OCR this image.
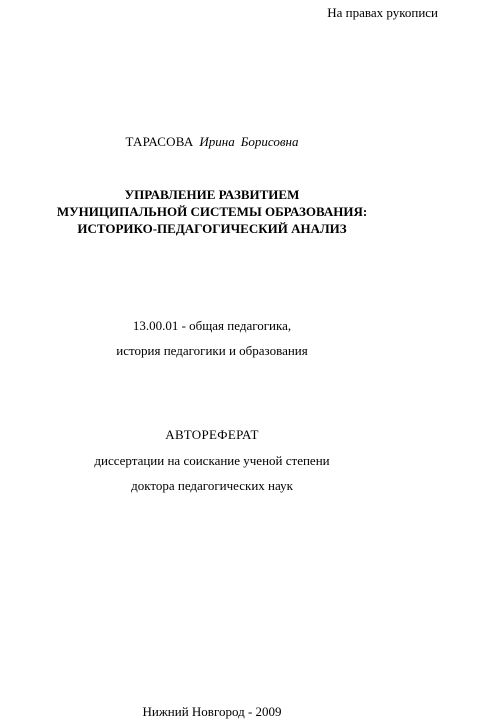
На правах рукописи
ТАРАСОВА Ирина Борисовна
УПРАВЛЕНИЕ РАЗВИТИЕМ
МУНИЦИПАЛЬНОЙ СИСТЕМЫ ОБРАЗОВАНИЯ:
ИСТОРИКО-ПЕДАГОГИЧЕСКИЙ АНАЛИЗ
13.00.01 - общая педагогика,
история педагогики и образования
АВТОРЕФЕРАТ
диссертации на соискание ученой степени
доктора педагогических наук
Нижний Новгород - 2009
